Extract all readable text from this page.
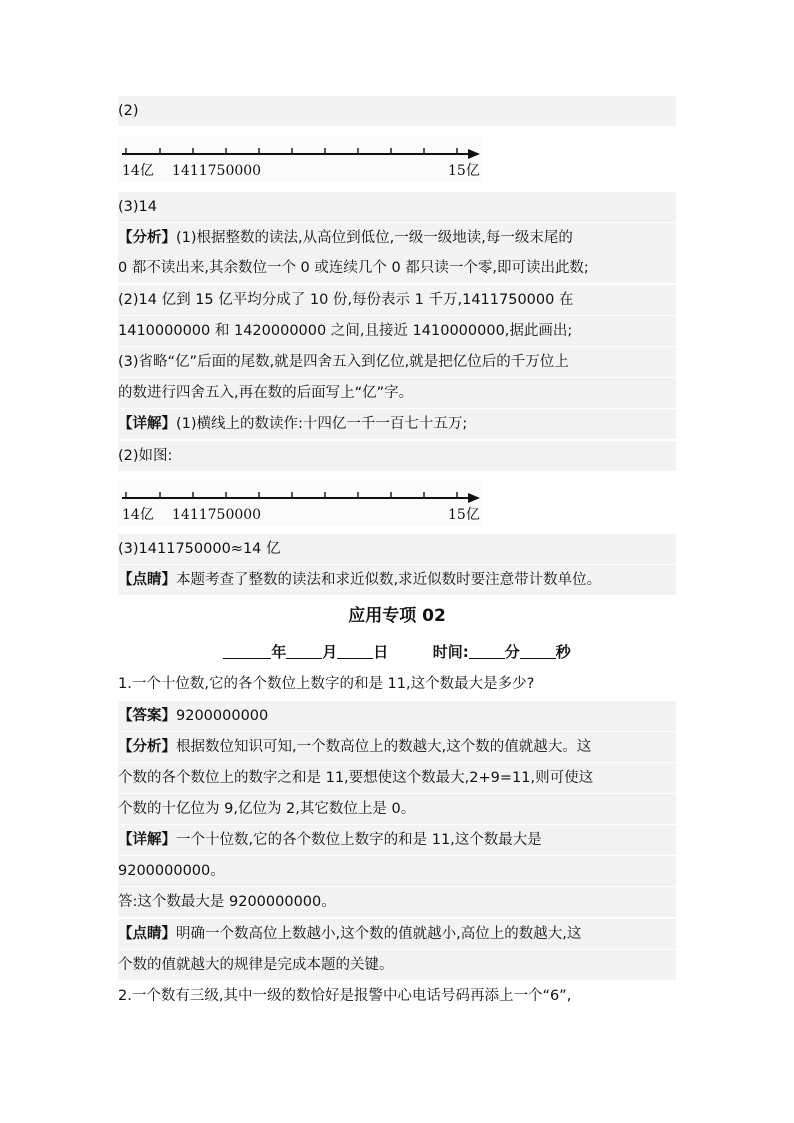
(2)
14亿 1411750000	15亿
(3)14
【分析】(1)根据整数的读法,从高位到低位,一级一级地读,每一级末尾的
0 都不读出来,其余数位一个 0 或连续几个 0 都只读一个零,即可读出此数;
(2)14 亿到 15 亿平均分成了 10 份,每份表示 1 千万,1411750000 在
1410000000 和 1420000000 之间,且接近 1410000000,据此画出;
(3)省略“亿”后面的尾数,就是四舍五入到亿位,就是把亿位后的千万位上
的数进行四舍五入,再在数的后面写上“亿”字。
【详解】(1)横线上的数读作:十四亿一千一百七十五万;
(2)如图:
14亿 1411750000	15亿
(3)1411750000≈14 亿
【点睛】本题考查了整数的读法和求近似数,求近似数时要注意带计数单位。
应用专项 02
年 月 日	时间: 分 秒
1.一个十位数,它的各个数位上数字的和是 11,这个数最大是多少?
【答案】9200000000
【分析】根据数位知识可知,一个数高位上的数越大,这个数的值就越大。这
个数的各个数位上的数字之和是 11,要想使这个数最大,2+9=11,则可使这
个数的十亿位为 9,亿位为 2,其它数位上是 0。
【详解】一个十位数,它的各个数位上数字的和是 11,这个数最大是
9200000000。
答:这个数最大是 9200000000。
【点睛】明确一个数高位上数越小,这个数的值就越小,高位上的数越大,这
个数的值就越大的规律是完成本题的关键。
2.一个数有三级,其中一级的数恰好是报警中心电话号码再添上一个“6”,
